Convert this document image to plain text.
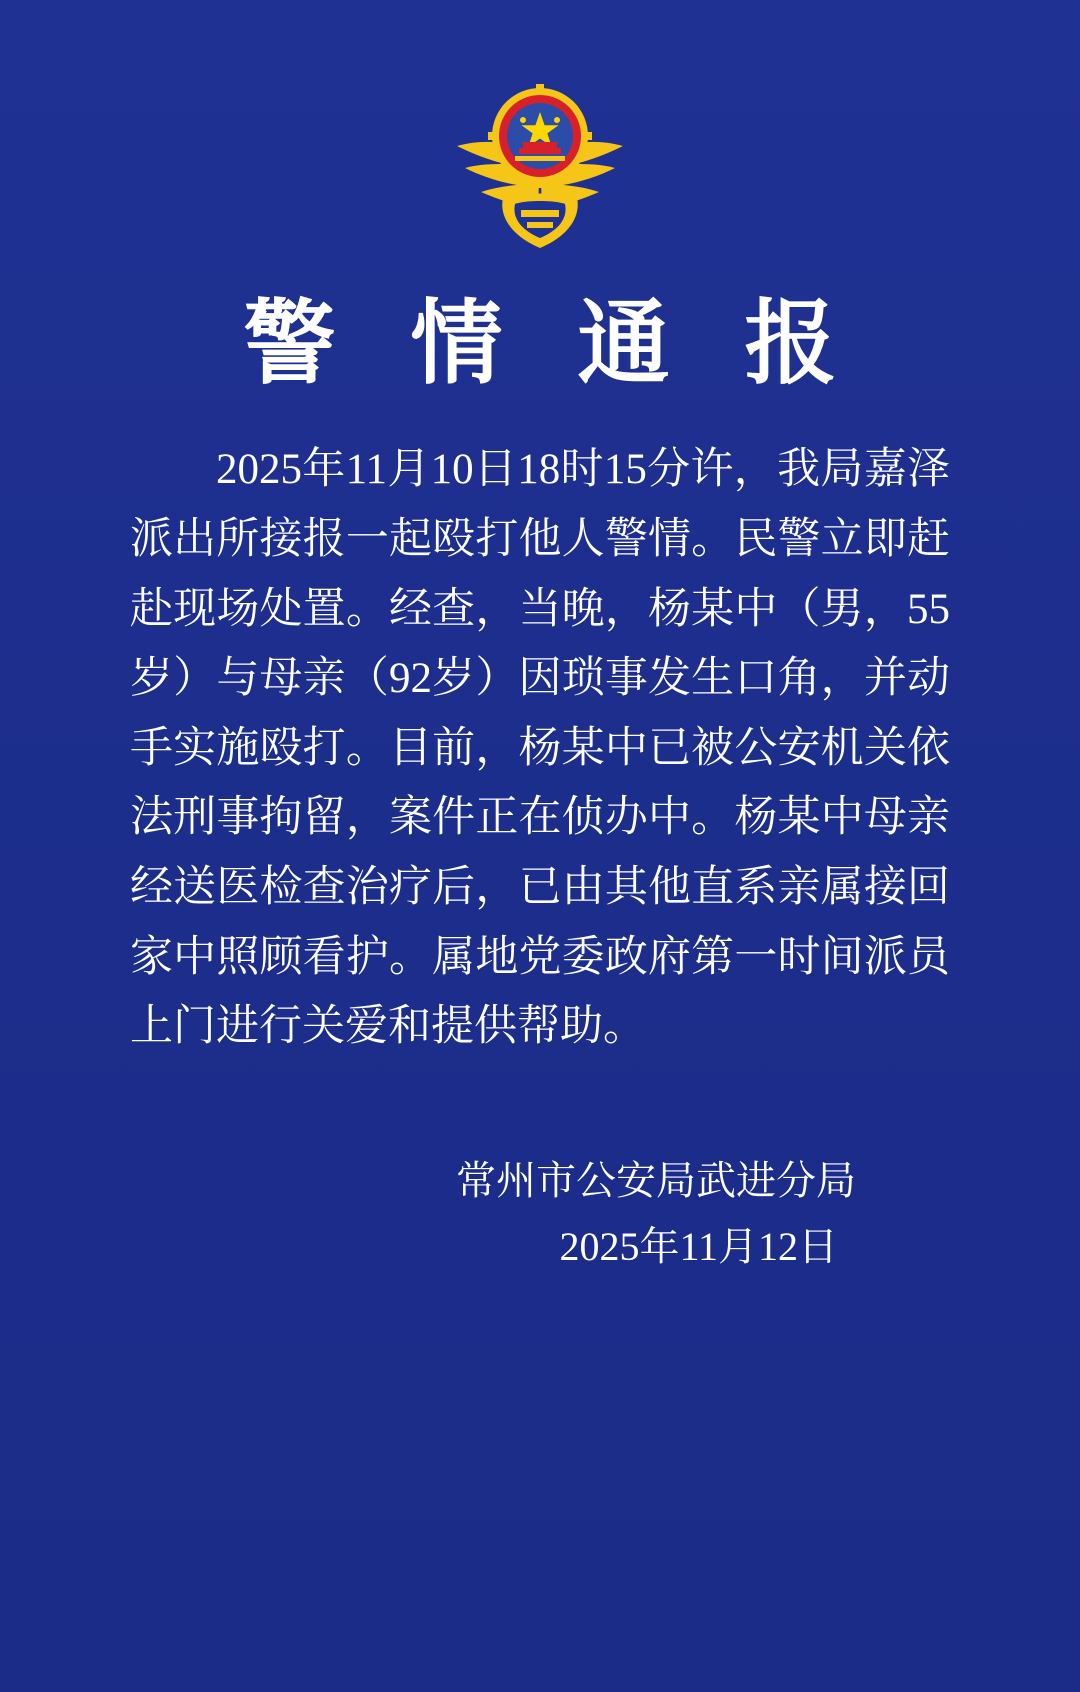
警 情 通 报
2025年11月10日18时15分许，我局嘉泽派出所接报一起殴打他人警情。民警立即赶赴现场处置。经查，当晚，杨某中（男，55岁）与母亲（92岁）因琐事发生口角，并动手实施殴打。目前，杨某中已被公安机关依法刑事拘留，案件正在侦办中。杨某中母亲经送医检查治疗后，已由其他直系亲属接回家中照顾看护。属地党委政府第一时间派员上门进行关爱和提供帮助。
常州市公安局武进分局
2025年11月12日
